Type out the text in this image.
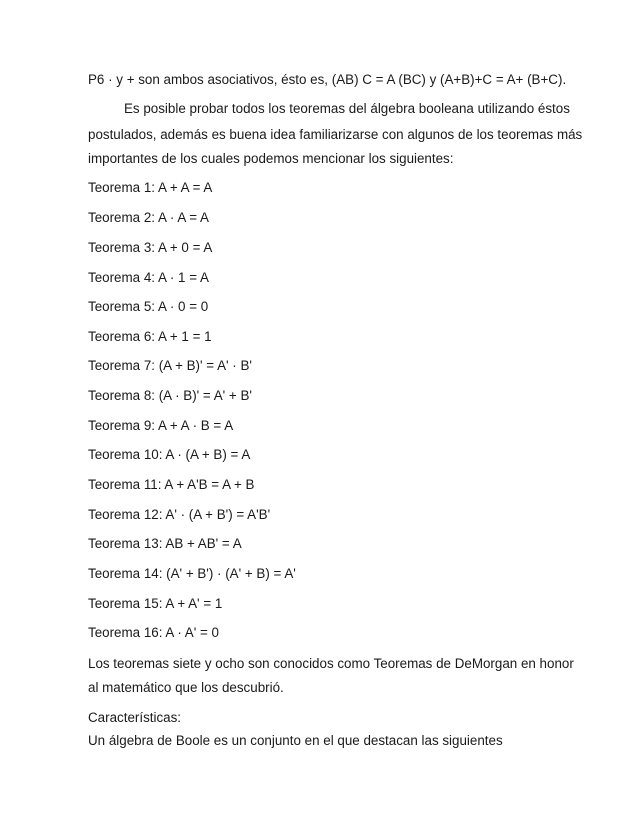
P6 · y + son ambos asociativos, ésto es, (AB) C = A (BC) y (A+B)+C = A+ (B+C).
Es posible probar todos los teoremas del álgebra booleana utilizando éstos
postulados, además es buena idea familiarizarse con algunos de los teoremas más
importantes de los cuales podemos mencionar los siguientes:
Teorema 1: A + A = A
Teorema 2: A · A = A
Teorema 3: A + 0 = A
Teorema 4: A · 1 = A
Teorema 5: A · 0 = 0
Teorema 6: A + 1 = 1
Teorema 7: (A + B)' = A' · B'
Teorema 8: (A · B)' = A' + B'
Teorema 9: A + A · B = A
Teorema 10: A · (A + B) = A
Teorema 11: A + A'B = A + B
Teorema 12: A' · (A + B') = A'B'
Teorema 13: AB + AB' = A
Teorema 14: (A' + B') · (A' + B) = A'
Teorema 15: A + A' = 1
Teorema 16: A · A' = 0
Los teoremas siete y ocho son conocidos como Teoremas de DeMorgan en honor
al matemático que los descubrió.
Características:
Un álgebra de Boole es un conjunto en el que destacan las siguientes
